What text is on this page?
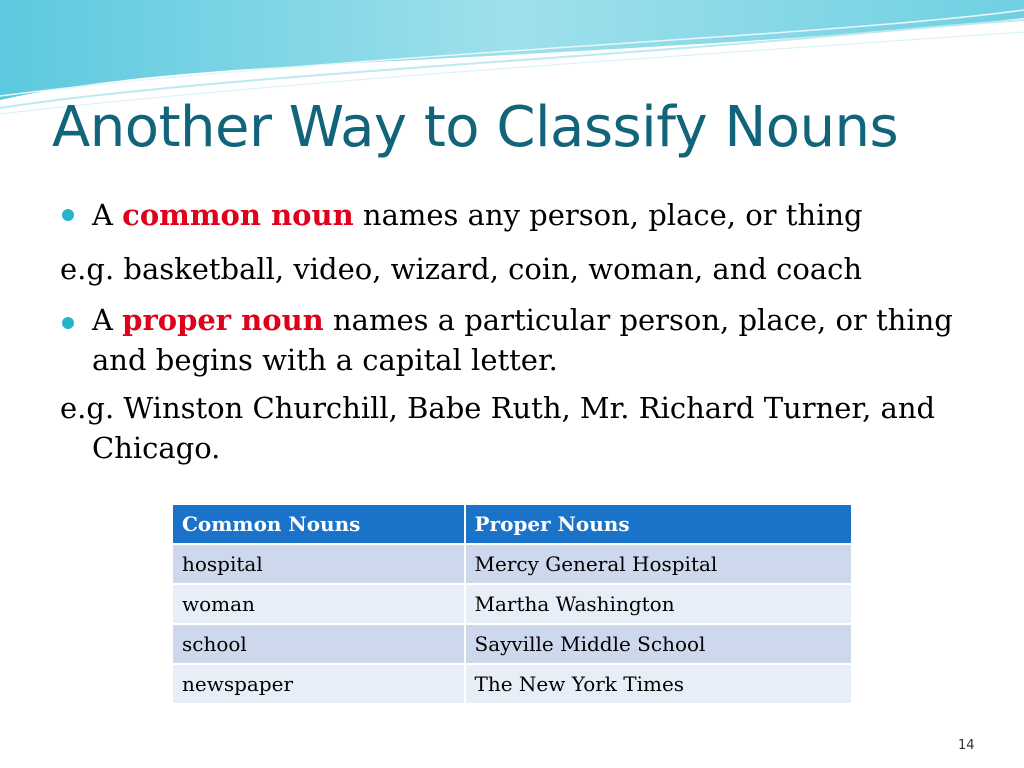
Another Way to Classify Nouns
A common noun names any person, place, or thing
e.g. basketball, video, wizard, coin, woman, and coach
A proper noun names a particular person, place, or thing and begins with a capital letter.
e.g. Winston Churchill, Babe Ruth, Mr. Richard Turner, and Chicago.
Common Nouns	Proper Nouns
hospital	Mercy General Hospital
woman	Martha Washington
school	Sayville Middle School
newspaper	The New York Times
14
